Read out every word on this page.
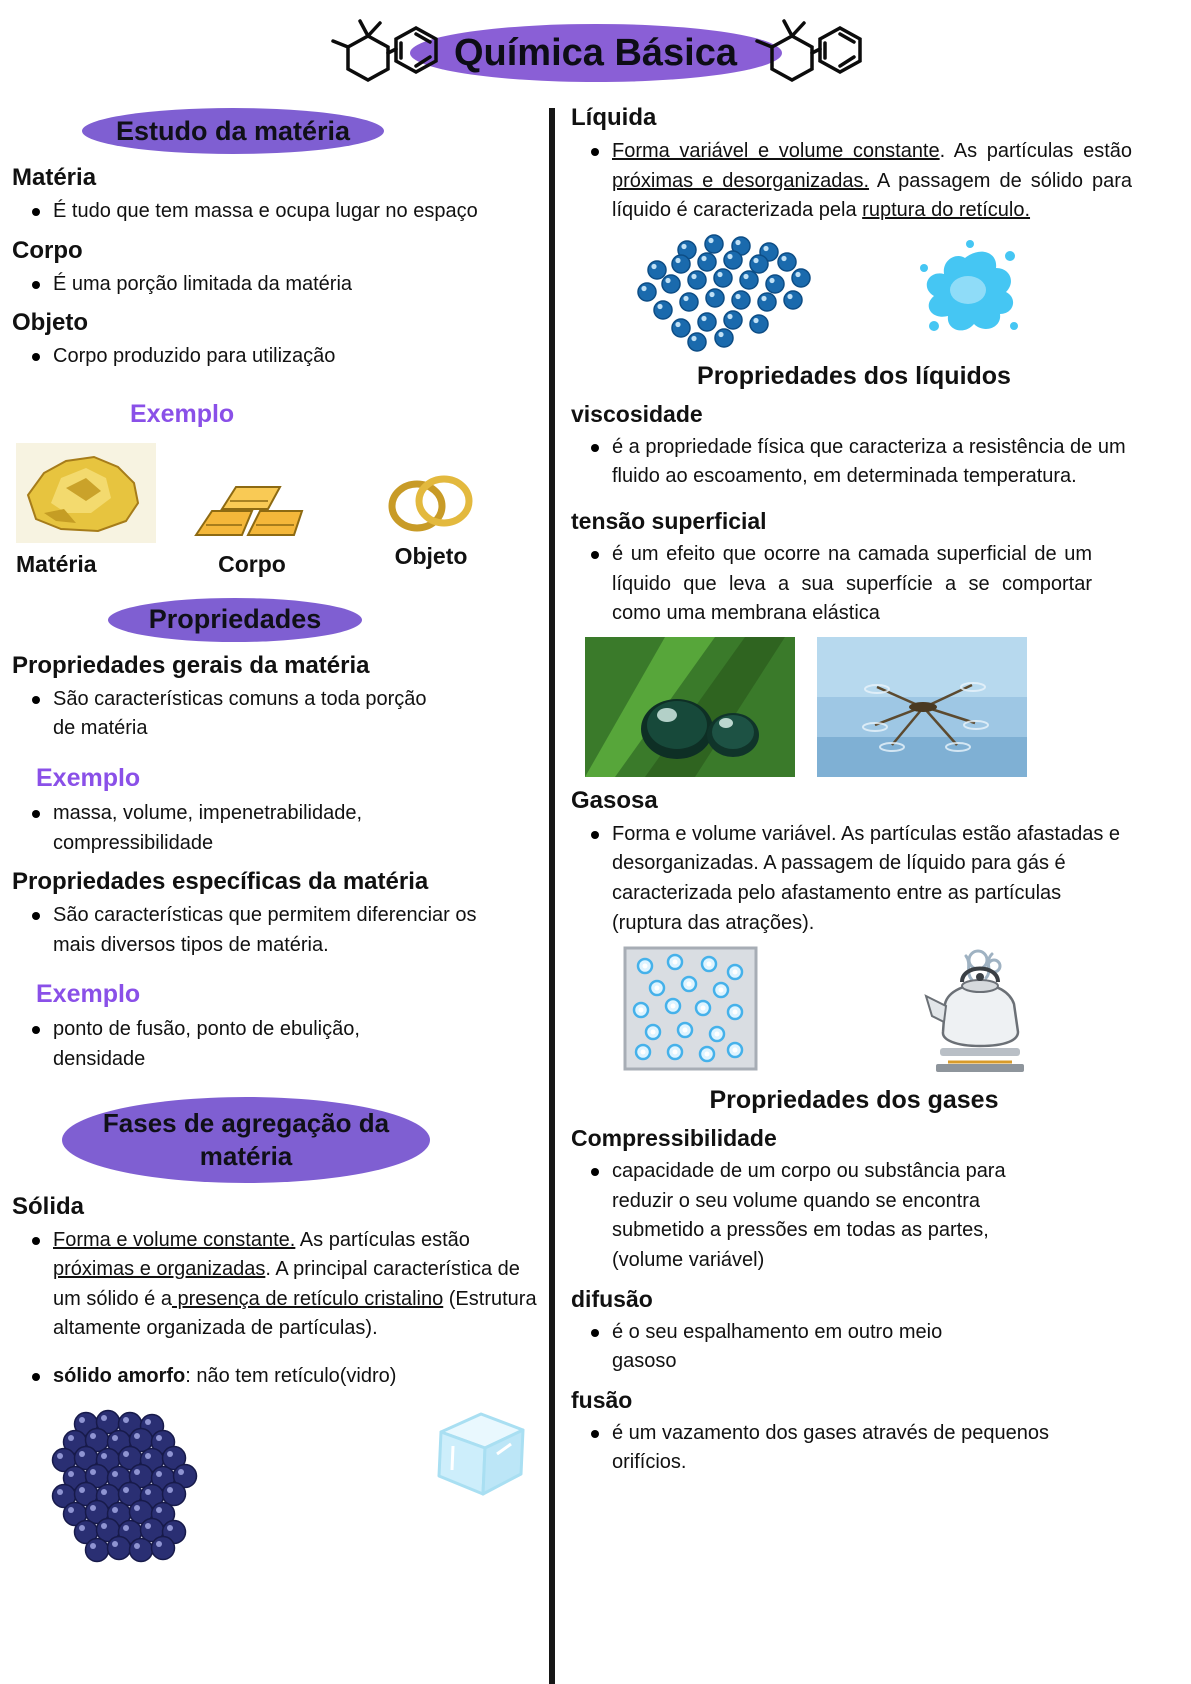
Química Básica
Estudo da matéria
Matéria

É tudo que tem massa e ocupa lugar no espaço

Corpo

É uma porção limitada da matéria

Objeto

Corpo produzido para utilização

Exemplo
Matéria	Corpo	Objeto
Propriedades
Propriedades gerais da matéria

São características comuns a toda porção de matéria

Exemplo

massa, volume, impenetrabilidade, compressibilidade

Propriedades específicas da matéria

São características que permitem diferenciar os mais diversos tipos de matéria.

Exemplo

ponto de fusão, ponto de ebulição, densidade

Fases de agregação da matéria
Sólida

Forma e volume constante. As partículas estão próximas e organizadas. A principal característica de um sólido é a presença de retículo cristalino (Estrutura altamente organizada de partículas).

sólido amorfo: não tem retículo(vidro)

Líquida

Forma variável e volume constante. As partículas estão próximas e desorganizadas. A passagem de sólido para líquido é caracterizada pela ruptura do retículo.

Propriedades dos líquidos
viscosidade

é a propriedade física que caracteriza a resistência de um fluido ao escoamento, em determinada temperatura.

tensão superficial

é um efeito que ocorre na camada superficial de um líquido que leva a sua superfície a se comportar como uma membrana elástica

Gasosa

Forma e volume variável. As partículas estão afastadas e desorganizadas. A passagem de líquido para gás é caracterizada pelo afastamento entre as partículas (ruptura das atrações).

Propriedades dos gases
Compressibilidade

capacidade de um corpo ou substância para reduzir o seu volume quando se encontra submetido a pressões em todas as partes, (volume variável)

difusão

é o seu espalhamento em outro meio gasoso

fusão

é um vazamento dos gases através de pequenos orifícios.
